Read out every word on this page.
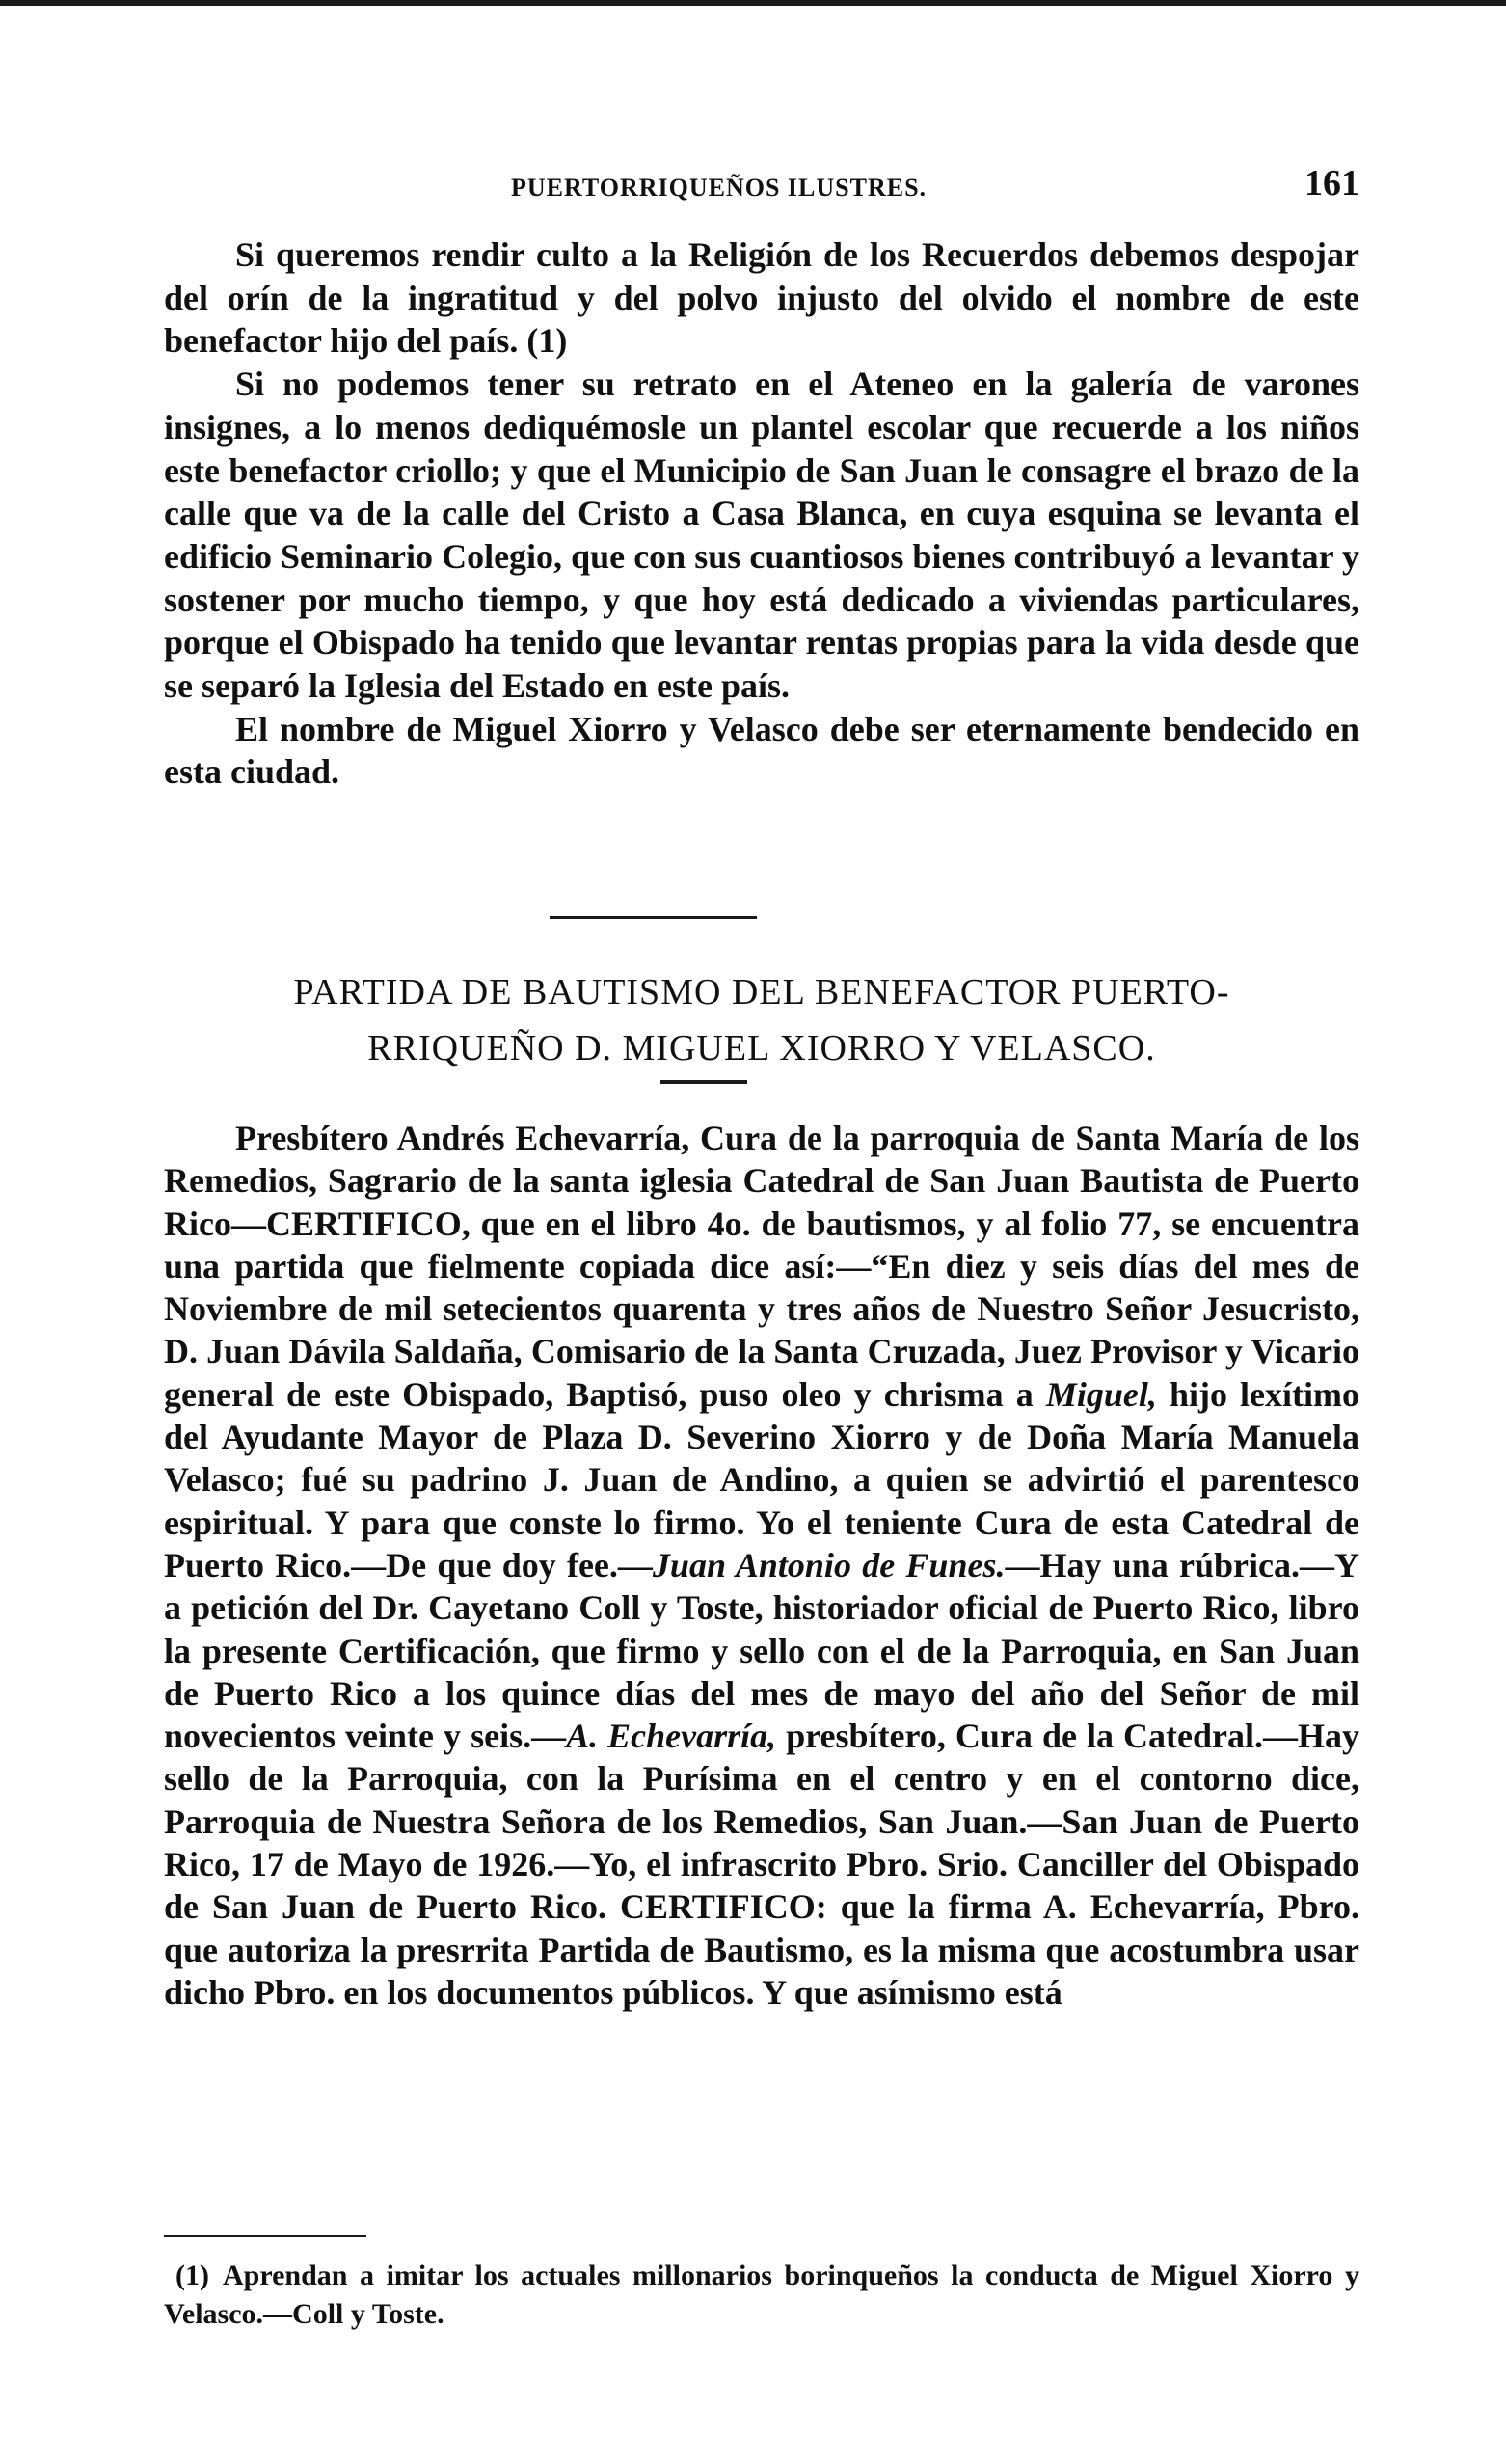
PUERTORRIQUEÑOS ILUSTRES.	161

Si queremos rendir culto a la Religión de los Recuerdos debemos despojar del orín de la ingratitud y del polvo injusto del olvido el nombre de este benefactor hijo del país. (1)

Si no podemos tener su retrato en el Ateneo en la galería de varones insignes, a lo menos dediquémosle un plantel escolar que recuerde a los niños este benefactor criollo; y que el Municipio de San Juan le consagre el brazo de la calle que va de la calle del Cristo a Casa Blanca, en cuya esquina se levanta el edificio Seminario Colegio, que con sus cuantiosos bienes contribuyó a levantar y sostener por mucho tiempo, y que hoy está dedicado a viviendas particulares, porque el Obispado ha tenido que levantar rentas propias para la vida desde que se separó la Iglesia del Estado en este país.

El nombre de Miguel Xiorro y Velasco debe ser eternamente bendecido en esta ciudad.

PARTIDA DE BAUTISMO DEL BENEFACTOR PUERTO-
RRIQUEÑO D. MIGUEL XIORRO Y VELASCO.

Presbítero Andrés Echevarría, Cura de la parroquia de Santa María de los Remedios, Sagrario de la santa iglesia Catedral de San Juan Bautista de Puerto Rico—CERTIFICO, que en el libro 4o. de bautismos, y al folio 77, se encuentra una partida que fielmente copiada dice así:—“En diez y seis días del mes de Noviembre de mil setecientos quarenta y tres años de Nuestro Señor Jesucristo, D. Juan Dávila Saldaña, Comisario de la Santa Cruzada, Juez Provisor y Vicario general de este Obispado, Baptisó, puso oleo y chrisma a Miguel, hijo lexítimo del Ayudante Mayor de Plaza D. Severino Xiorro y de Doña María Manuela Velasco; fué su padrino J. Juan de Andino, a quien se advirtió el parentesco espiritual. Y para que conste lo firmo. Yo el teniente Cura de esta Catedral de Puerto Rico.—De que doy fee.—Juan Antonio de Funes.—Hay una rúbrica.—Y a petición del Dr. Cayetano Coll y Toste, historiador oficial de Puerto Rico, libro la presente Certificación, que firmo y sello con el de la Parroquia, en San Juan de Puerto Rico a los quince días del mes de mayo del año del Señor de mil novecientos veinte y seis.—A. Echevarría, presbítero, Cura de la Catedral.—Hay sello de la Parroquia, con la Purísima en el centro y en el contorno dice, Parroquia de Nuestra Señora de los Remedios, San Juan.—San Juan de Puerto Rico, 17 de Mayo de 1926.—Yo, el infrascrito Pbro. Srio. Canciller del Obispado de San Juan de Puerto Rico. CERTIFICO: que la firma A. Echevarría, Pbro. que autoriza la presrrita Partida de Bautismo, es la misma que acostumbra usar dicho Pbro. en los documentos públicos. Y que asímismo está

(1) Aprendan a imitar los actuales millonarios borinqueños la conducta de Miguel Xiorro y Velasco.—Coll y Toste.
